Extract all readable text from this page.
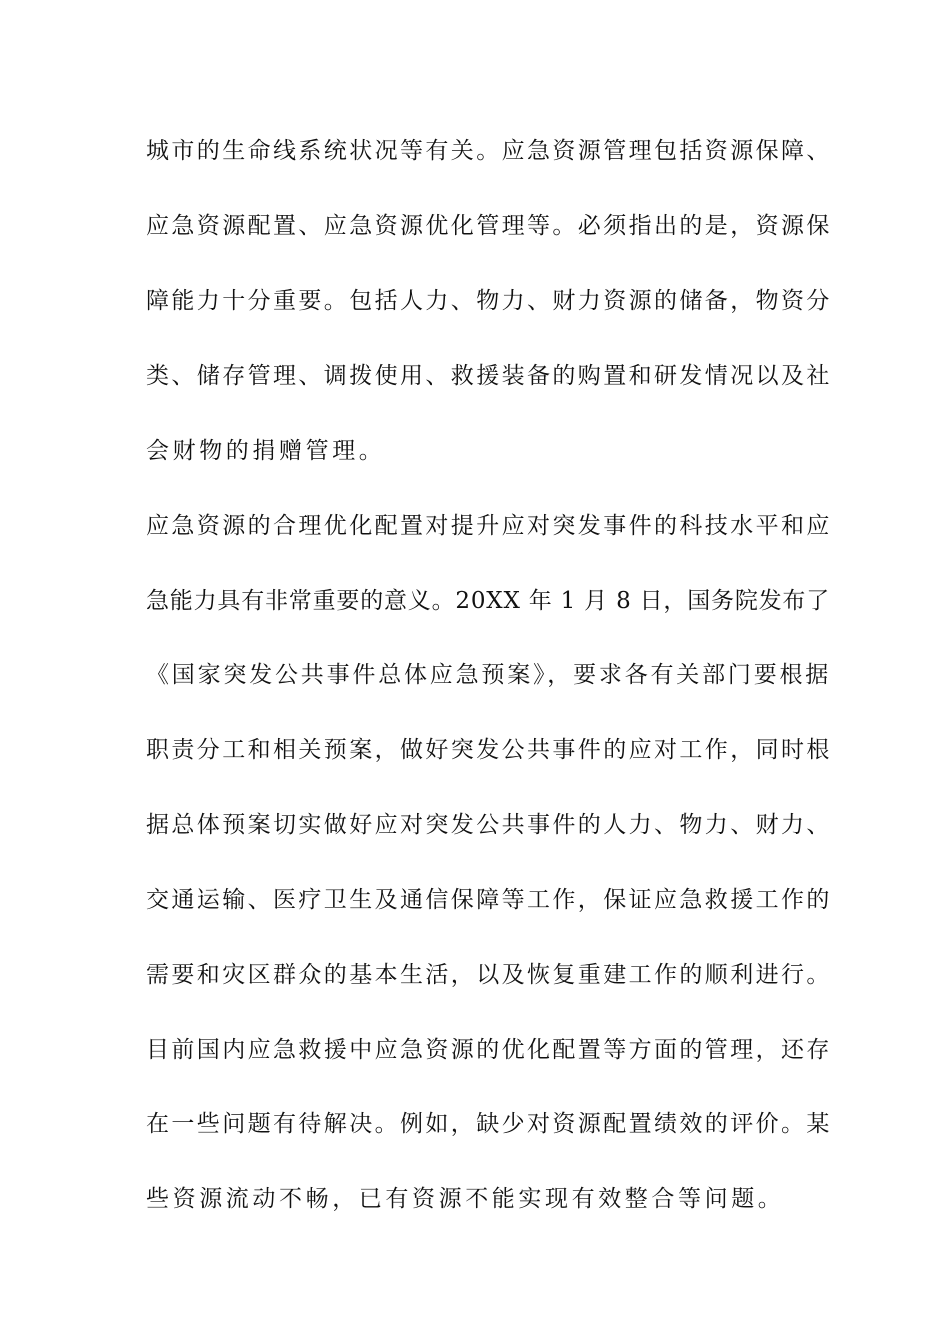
城市的生命线系统状况等有关。应急资源管理包括资源保障、
应急资源配置、应急资源优化管理等。必须指出的是，资源保
障能力十分重要。包括人力、物力、财力资源的储备，物资分
类、储存管理、调拨使用、救援装备的购置和研发情况以及社
会财物的捐赠管理。
应急资源的合理优化配置对提升应对突发事件的科技水平和应
急能力具有非常重要的意义。20XX 年 1 月 8 日，国务院发布了
《国家突发公共事件总体应急预案》，要求各有关部门要根据
职责分工和相关预案，做好突发公共事件的应对工作，同时根
据总体预案切实做好应对突发公共事件的人力、物力、财力、
交通运输、医疗卫生及通信保障等工作，保证应急救援工作的
需要和灾区群众的基本生活，以及恢复重建工作的顺利进行。
目前国内应急救援中应急资源的优化配置等方面的管理，还存
在一些问题有待解决。例如，缺少对资源配置绩效的评价。某
些资源流动不畅，已有资源不能实现有效整合等问题。
